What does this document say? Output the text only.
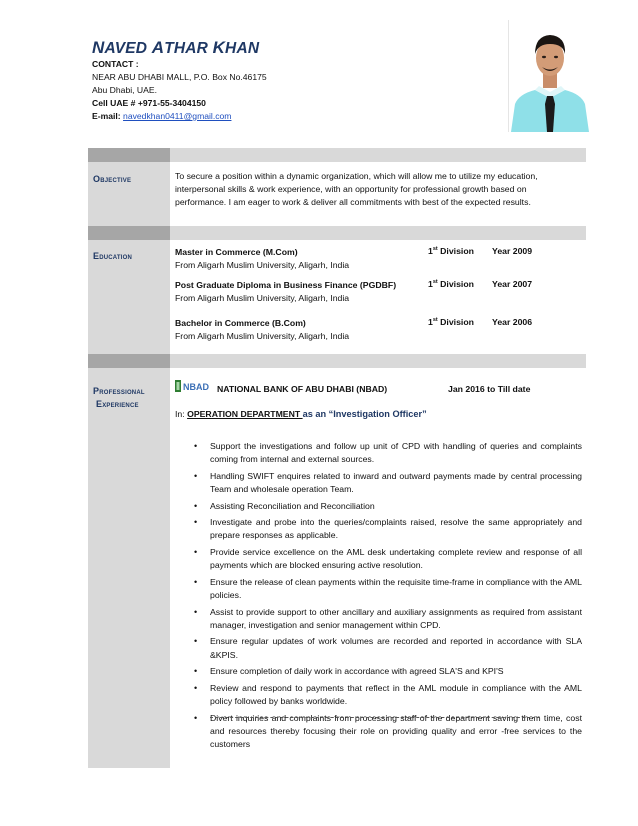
NAVED ATHAR KHAN
CONTACT :
NEAR ABU DHABI MALL, P.O. Box No.46175
Abu Dhabi, UAE.
Cell UAE # +971-55-3404150
E-mail: navedkhan0411@gmail.com
Objective	To secure a position within a dynamic organization, which will allow me to utilize my education, interpersonal skills & work experience, with an opportunity for professional growth based on performance. I am eager to work & deliver all commitments with best of the expected results.
Education	Master in Commerce (M.Com)
From Aligarh Muslim University, Aligarh, India
1st Division Year 2009
Post Graduate Diploma in Business Finance (PGDBF)
From Aligarh Muslim University, Aligarh, India
1st Division Year 2007
Bachelor in Commerce (B.Com)
From Aligarh Muslim University, Aligarh, India
1st Division Year 2006
Professional
Experience
NBAD NATIONAL BANK OF ABU DHABI (NBAD)	Jan 2016 to Till date
In: OPERATION DEPARTMENT as an “Investigation Officer”
• Support the investigations and follow up unit of CPD with handling of queries and complaints coming from internal and external sources.
• Handling SWIFT enquires related to inward and outward payments made by central processing Team and wholesale operation Team.
• Assisting Reconciliation and Reconciliation
• Investigate and probe into the queries/complaints raised, resolve the same appropriately and prepare responses as applicable.
• Provide service excellence on the AML desk undertaking complete review and response of all payments which are blocked ensuring active resolution.
• Ensure the release of clean payments within the requisite time-frame in compliance with the AML policies.
• Assist to provide support to other ancillary and auxiliary assignments as required from assistant manager, investigation and senior management within CPD.
• Ensure regular updates of work volumes are recorded and reported in accordance with SLA &KPIS.
• Ensure completion of daily work in accordance with agreed SLA'S and KPI'S
• Review and respond to payments that reflect in the AML module in compliance with the AML policy followed by banks worldwide.
• Divert inquiries and complaints from processing staff of the department saving them time, cost and resources thereby focusing their role on providing quality and error -free services to the customers
